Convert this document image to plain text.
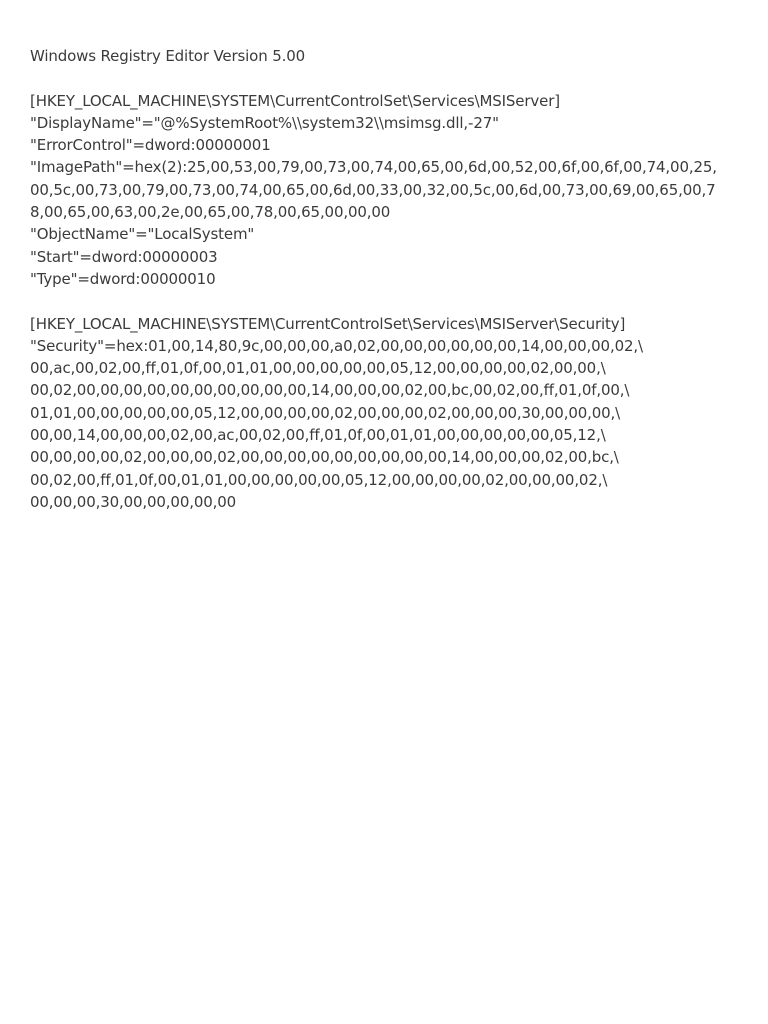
Windows Registry Editor Version 5.00
[HKEY_LOCAL_MACHINE\SYSTEM\CurrentControlSet\Services\MSIServer]
"DisplayName"="@%SystemRoot%\\system32\\msimsg.dll,-27"
"ErrorControl"=dword:00000001
"ImagePath"=hex(2):25,00,53,00,79,00,73,00,74,00,65,00,6d,00,52,00,6f,00,6f,00,74,00,25,
00,5c,00,73,00,79,00,73,00,74,00,65,00,6d,00,33,00,32,00,5c,00,6d,00,73,00,69,00,65,00,7
8,00,65,00,63,00,2e,00,65,00,78,00,65,00,00,00
"ObjectName"="LocalSystem"
"Start"=dword:00000003
"Type"=dword:00000010
[HKEY_LOCAL_MACHINE\SYSTEM\CurrentControlSet\Services\MSIServer\Security]
"Security"=hex:01,00,14,80,9c,00,00,00,a0,02,00,00,00,00,00,00,14,00,00,00,02,\
00,ac,00,02,00,ff,01,0f,00,01,01,00,00,00,00,00,05,12,00,00,00,00,02,00,00,\
00,02,00,00,00,00,00,00,00,00,00,00,14,00,00,00,02,00,bc,00,02,00,ff,01,0f,00,\
01,01,00,00,00,00,00,05,12,00,00,00,00,02,00,00,00,02,00,00,00,30,00,00,00,\
00,00,14,00,00,00,02,00,ac,00,02,00,ff,01,0f,00,01,01,00,00,00,00,00,05,12,\
00,00,00,00,02,00,00,00,02,00,00,00,00,00,00,00,00,00,14,00,00,00,02,00,bc,\
00,02,00,ff,01,0f,00,01,01,00,00,00,00,00,05,12,00,00,00,00,02,00,00,00,02,\
00,00,00,30,00,00,00,00,00
